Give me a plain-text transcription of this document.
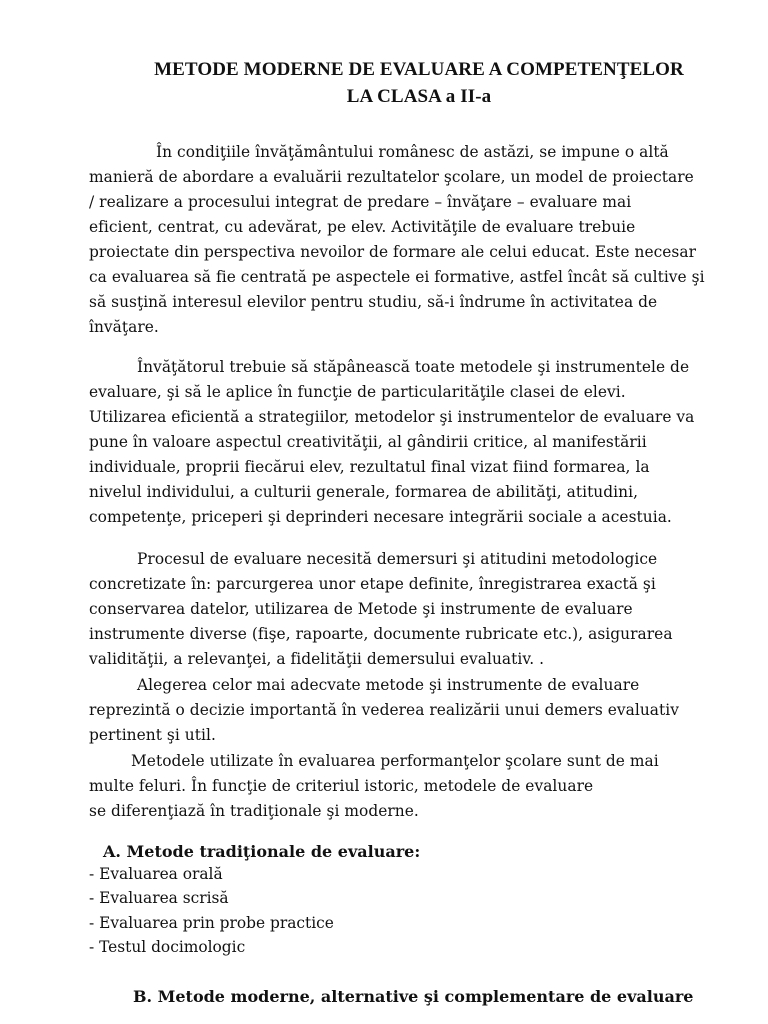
METODE MODERNE DE EVALUARE A COMPETENŢELOR
LA CLASA a II-a
În condiţiile învăţământului românesc de astăzi, se impune o altă
manieră de abordare a evaluării rezultatelor şcolare, un model de proiectare
/ realizare a procesului integrat de predare – învăţare – evaluare mai
eficient, centrat, cu adevărat, pe elev. Activităţile de evaluare trebuie
proiectate din perspectiva nevoilor de formare ale celui educat. Este necesar
ca evaluarea să fie centrată pe aspectele ei formative, astfel încât să cultive şi
să susţină interesul elevilor pentru studiu, să-i îndrume în activitatea de
învăţare.
Învăţătorul trebuie să stăpânească toate metodele şi instrumentele de
evaluare, şi să le aplice în funcţie de particularităţile clasei de elevi.
Utilizarea eficientă a strategiilor, metodelor şi instrumentelor de evaluare va
pune în valoare aspectul creativităţii, al gândirii critice, al manifestării
individuale, proprii fiecărui elev, rezultatul final vizat fiind formarea, la
nivelul individului, a culturii generale, formarea de abilităţi, atitudini,
competenţe, priceperi şi deprinderi necesare integrării sociale a acestuia.
Procesul de evaluare necesită demersuri şi atitudini metodologice
concretizate în: parcurgerea unor etape definite, înregistrarea exactă şi
conservarea datelor, utilizarea de Metode şi instrumente de evaluare
instrumente diverse (fişe, rapoarte, documente rubricate etc.), asigurarea
validităţii, a relevanţei, a fidelităţii demersului evaluativ. .
Alegerea celor mai adecvate metode şi instrumente de evaluare
reprezintă o decizie importantă în vederea realizării unui demers evaluativ
pertinent şi util.
Metodele utilizate în evaluarea performanţelor şcolare sunt de mai
multe feluri. În funcţie de criteriul istoric, metodele de evaluare
se diferenţiază în tradiţionale şi moderne.
A. Metode tradiţionale de evaluare:
- Evaluarea orală
- Evaluarea scrisă
- Evaluarea prin probe practice
- Testul docimologic
B. Metode moderne, alternative şi complementare de evaluare
